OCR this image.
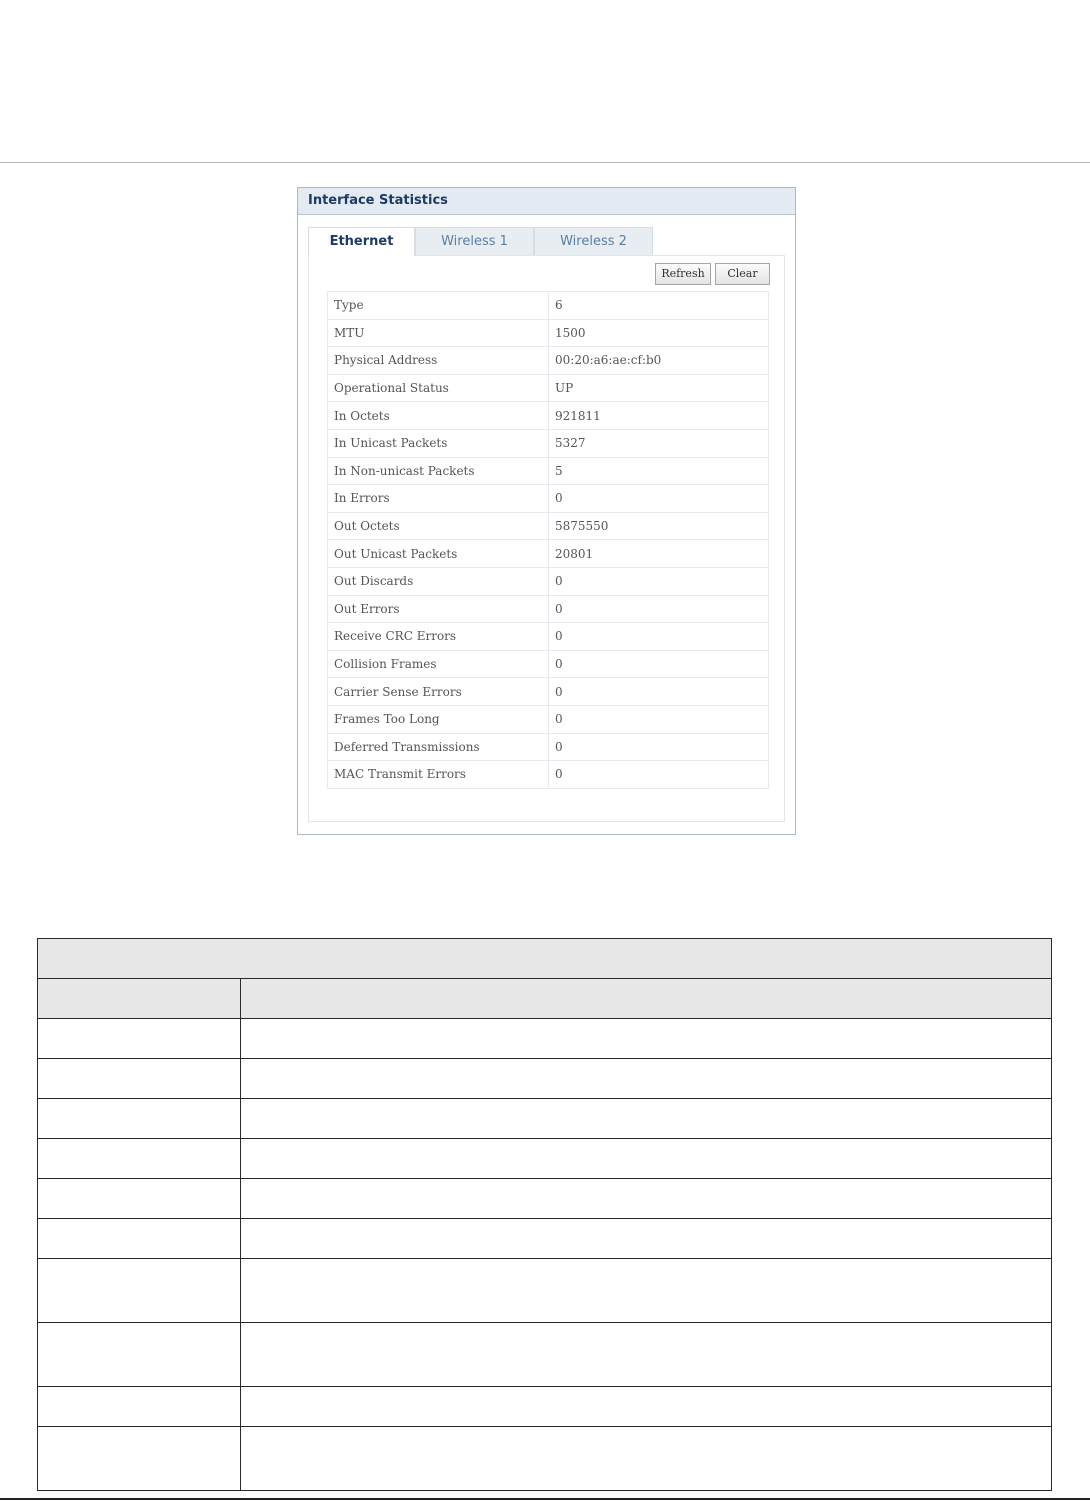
Interface Statistics
Ethernet	Wireless 1	Wireless 2
Refresh	Clear
Type	6
MTU	1500
Physical Address	00:20:a6:ae:cf:b0
Operational Status	UP
In Octets	921811
In Unicast Packets	5327
In Non-unicast Packets	5
In Errors	0
Out Octets	5875550
Out Unicast Packets	20801
Out Discards	0
Out Errors	0
Receive CRC Errors	0
Collision Frames	0
Carrier Sense Errors	0
Frames Too Long	0
Deferred Transmissions	0
MAC Transmit Errors	0
